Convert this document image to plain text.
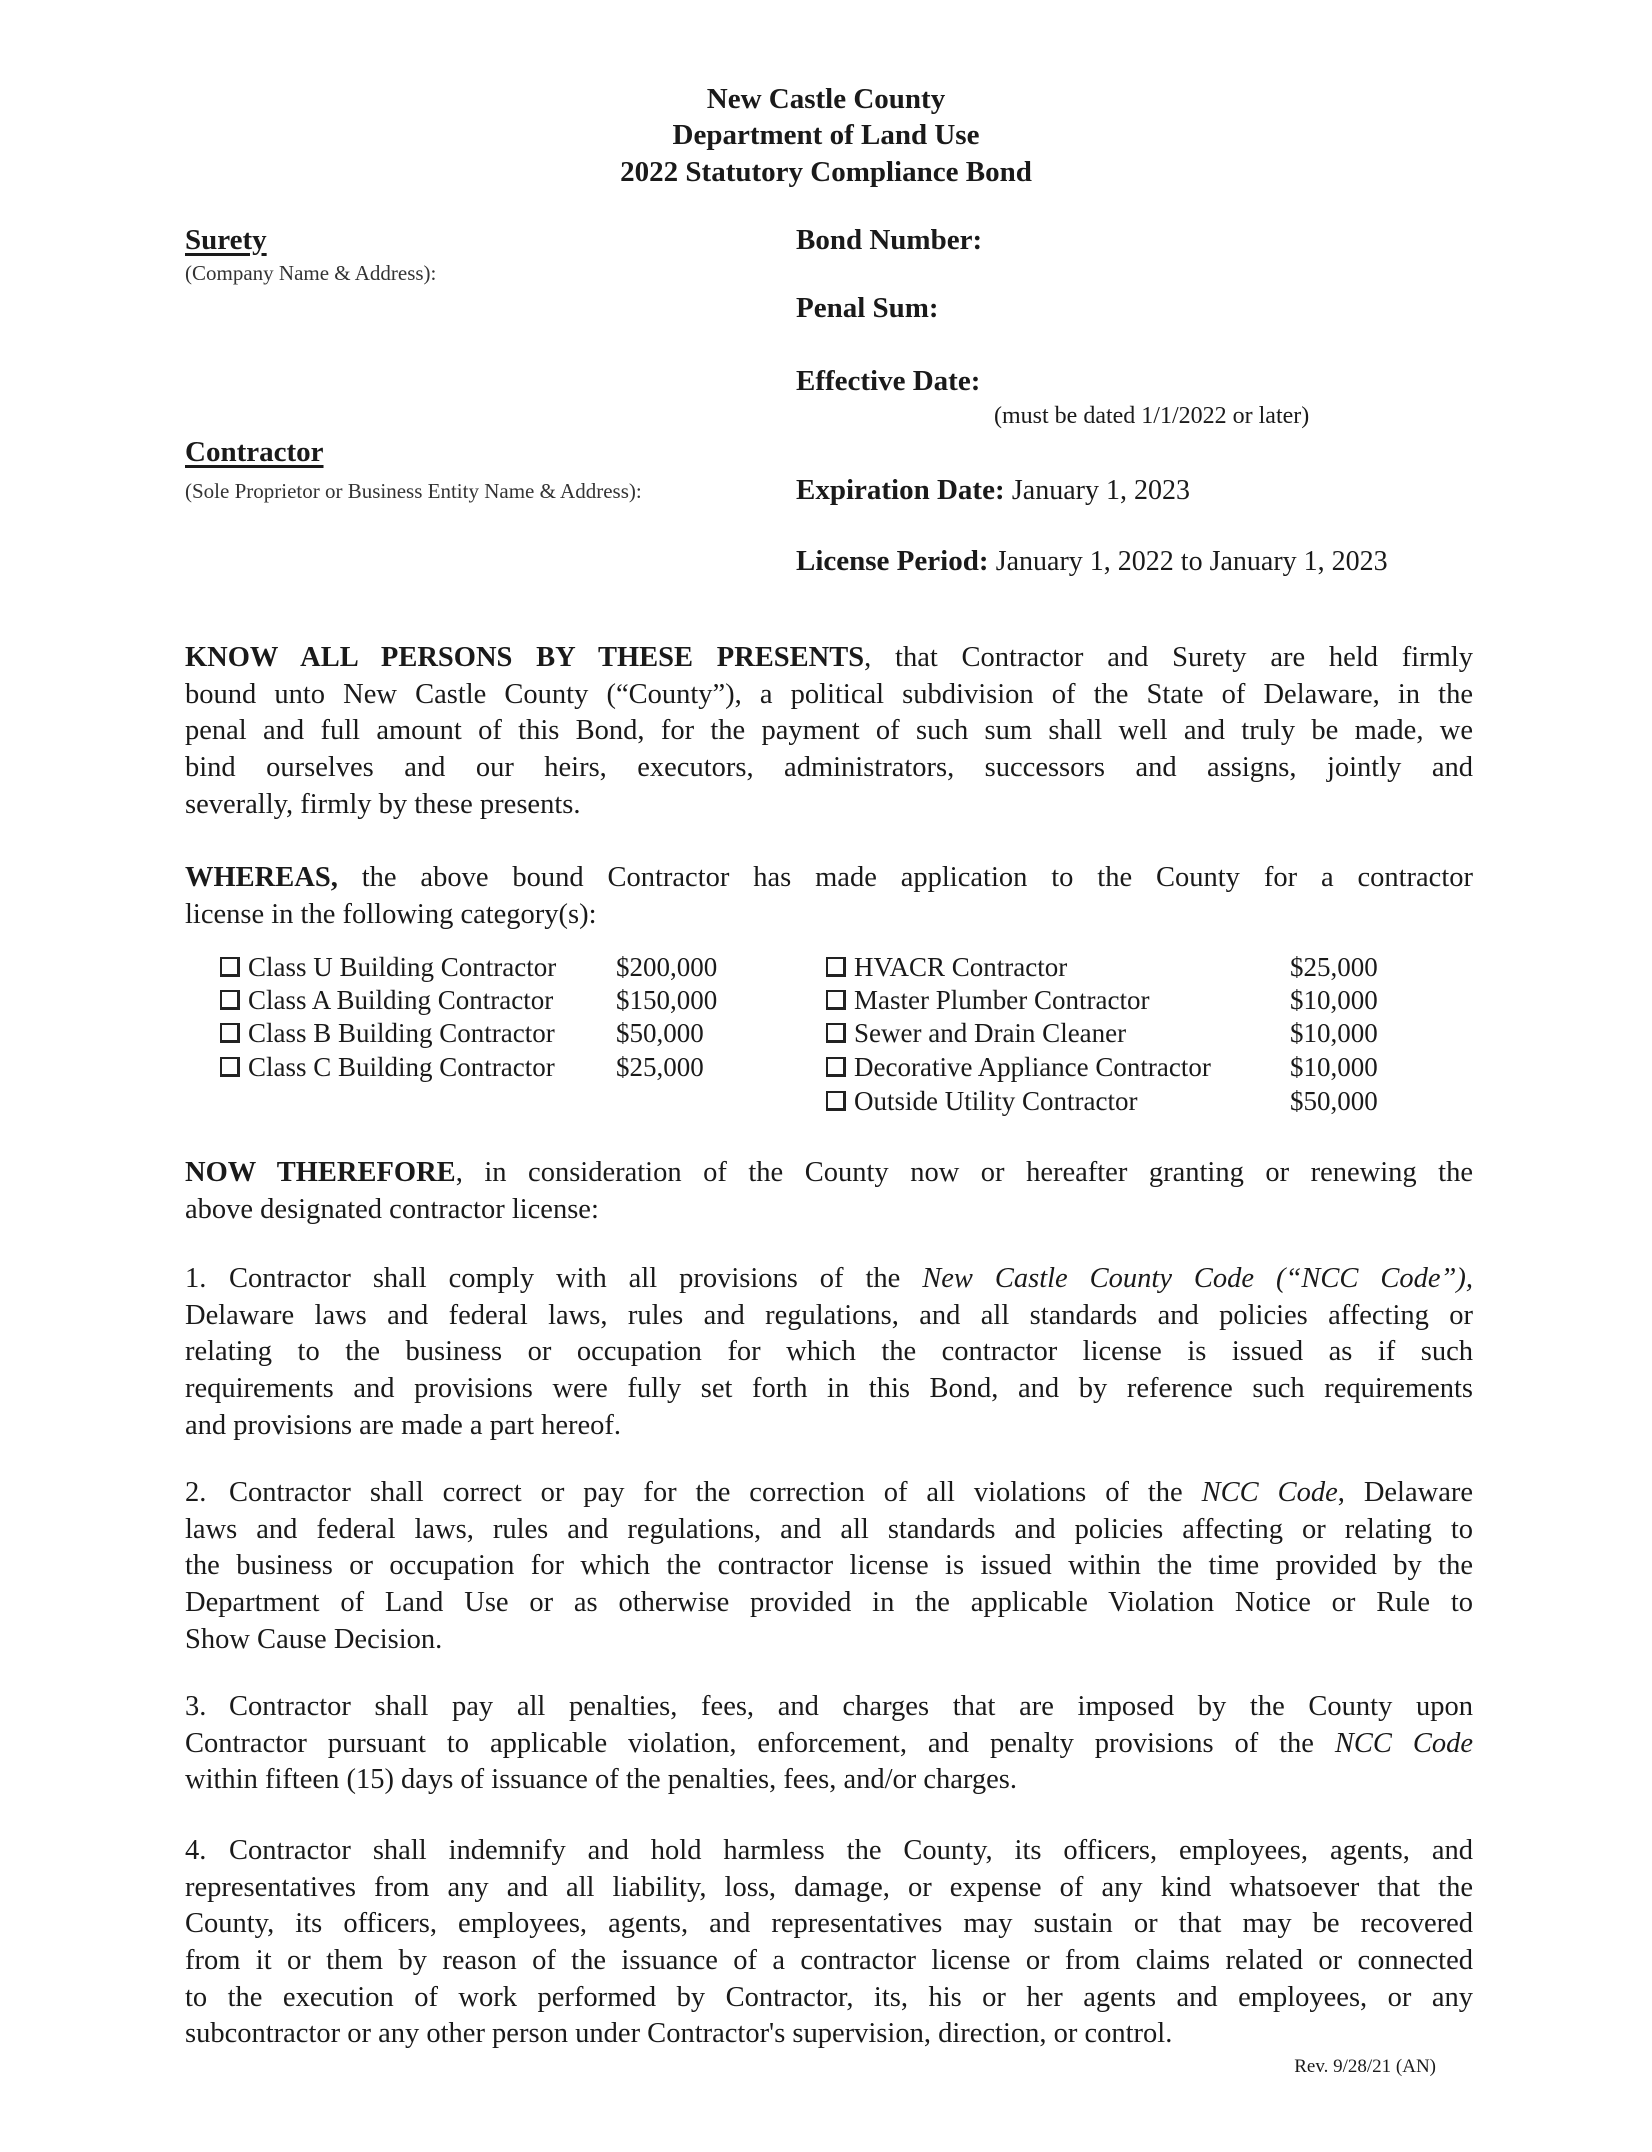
New Castle County
Department of Land Use
2022 Statutory Compliance Bond
Surety
(Company Name & Address):
Bond Number:
Penal Sum:
Effective Date:
(must be dated 1/1/2022 or later)
Contractor
(Sole Proprietor or Business Entity Name & Address):	Expiration Date: January 1, 2023
License Period: January 1, 2022 to January 1, 2023
KNOW ALL PERSONS BY THESE PRESENTS, that Contractor and Surety are held firmly
bound unto New Castle County (“County”), a political subdivision of the State of Delaware, in the
penal and full amount of this Bond, for the payment of such sum shall well and truly be made, we
bind ourselves and our heirs, executors, administrators, successors and assigns, jointly and
severally, firmly by these presents.
WHEREAS, the above bound Contractor has made application to the County for a contractor
license in the following category(s):
Class U Building Contractor $200,000
Class A Building Contractor $150,000
Class B Building Contractor $50,000
Class C Building Contractor $25,000
HVACR Contractor	$25,000
Master Plumber Contractor	$10,000
Sewer and Drain Cleaner	$10,000
Decorative Appliance Contractor	$10,000
Outside Utility Contractor	$50,000
NOW THEREFORE, in consideration of the County now or hereafter granting or renewing the
above designated contractor license:
1. Contractor shall comply with all provisions of the New Castle County Code (“NCC Code”),
Delaware laws and federal laws, rules and regulations, and all standards and policies affecting or
relating to the business or occupation for which the contractor license is issued as if such
requirements and provisions were fully set forth in this Bond, and by reference such requirements
and provisions are made a part hereof.
2. Contractor shall correct or pay for the correction of all violations of the NCC Code, Delaware
laws and federal laws, rules and regulations, and all standards and policies affecting or relating to
the business or occupation for which the contractor license is issued within the time provided by the
Department of Land Use or as otherwise provided in the applicable Violation Notice or Rule to
Show Cause Decision.
3. Contractor shall pay all penalties, fees, and charges that are imposed by the County upon
Contractor pursuant to applicable violation, enforcement, and penalty provisions of the NCC Code
within fifteen (15) days of issuance of the penalties, fees, and/or charges.
4. Contractor shall indemnify and hold harmless the County, its officers, employees, agents, and
representatives from any and all liability, loss, damage, or expense of any kind whatsoever that the
County, its officers, employees, agents, and representatives may sustain or that may be recovered
from it or them by reason of the issuance of a contractor license or from claims related or connected
to the execution of work performed by Contractor, its, his or her agents and employees, or any
subcontractor or any other person under Contractor's supervision, direction, or control.
Rev. 9/28/21 (AN)
